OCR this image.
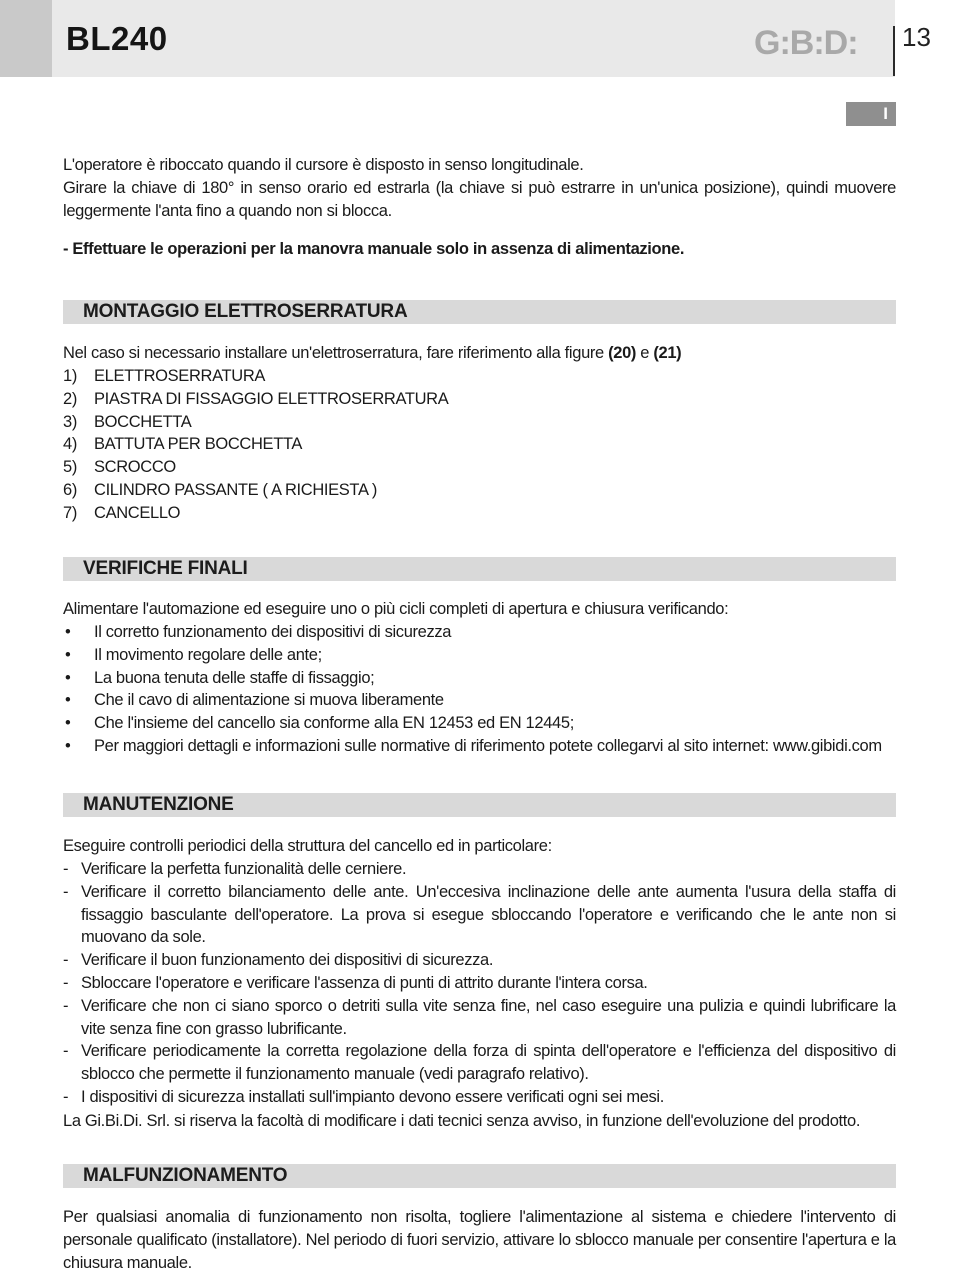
BL240	G:B:D: 13
I

L'operatore è riboccato quando il cursore è disposto in senso longitudinale.

Girare la chiave di 180° in senso orario ed estrarla (la chiave si può estrarre in un'unica posizione), quindi muovere leggermente l'anta fino a quando non si blocca.

- Effettuare le operazioni per la manovra manuale solo in assenza di alimentazione.

MONTAGGIO ELETTROSERRATURA

Nel caso si necessario installare un'elettroserratura, fare riferimento alla figure (20) e (21)

1) ELETTROSERRATURA
2) PIASTRA DI FISSAGGIO ELETTROSERRATURA
3) BOCCHETTA
4) BATTUTA PER BOCCHETTA
5) SCROCCO
6) CILINDRO PASSANTE ( A RICHIESTA )
7) CANCELLO
VERIFICHE FINALI

Alimentare l'automazione ed eseguire uno o più cicli completi di apertura e chiusura verificando:

• Il corretto funzionamento dei dispositivi di sicurezza
• Il movimento regolare delle ante;
• La buona tenuta delle staffe di fissaggio;
• Che il cavo di alimentazione si muova liberamente
• Che l'insieme del cancello sia conforme alla EN 12453 ed EN 12445;
• Per maggiori dettagli e informazioni sulle normative di riferimento potete collegarvi al sito internet: www.gibidi.com
MANUTENZIONE

Eseguire controlli periodici della struttura del cancello ed in particolare:

- Verificare la perfetta funzionalità delle cerniere.
- Verificare il corretto bilanciamento delle ante. Un'eccesiva inclinazione delle ante aumenta l'usura della staffa di fissaggio basculante dell'operatore. La prova si esegue sbloccando l'operatore e verificando che le ante non si muovano da sole.
- Verificare il buon funzionamento dei dispositivi di sicurezza.
- Sbloccare l'operatore e verificare l'assenza di punti di attrito durante l'intera corsa.
- Verificare che non ci siano sporco o detriti sulla vite senza fine, nel caso eseguire una pulizia e quindi lubrificare la vite senza fine con grasso lubrificante.
- Verificare periodicamente la corretta regolazione della forza di spinta dell'operatore e l'efficienza del dispositivo di sblocco che permette il funzionamento manuale (vedi paragrafo relativo).
- I dispositivi di sicurezza installati sull'impianto devono essere verificati ogni sei mesi.

La Gi.Bi.Di. Srl. si riserva la facoltà di modificare i dati tecnici senza avviso, in funzione dell'evoluzione del prodotto.

MALFUNZIONAMENTO

Per qualsiasi anomalia di funzionamento non risolta, togliere l'alimentazione al sistema e chiedere l'intervento di personale qualificato (installatore). Nel periodo di fuori servizio, attivare lo sblocco manuale per consentire l'apertura e la chiusura manuale.
